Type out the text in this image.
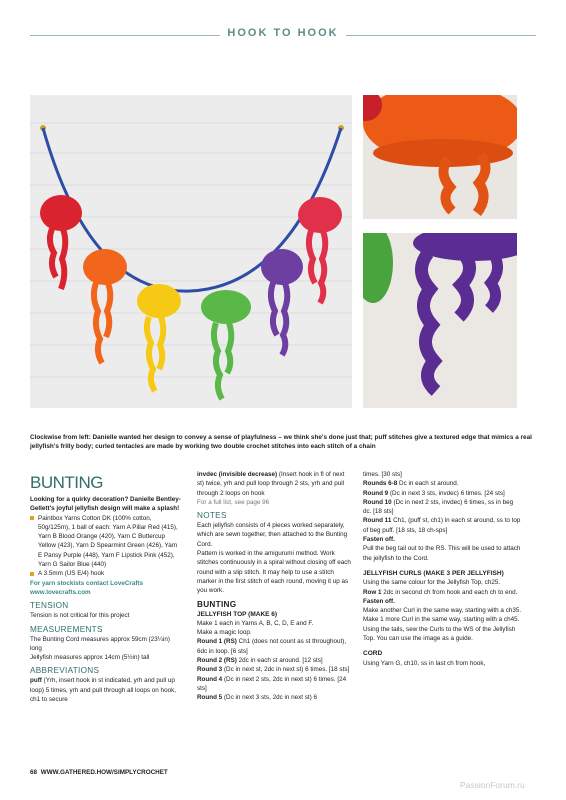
HOOK TO HOOK
Clockwise from left: Danielle wanted her design to convey a sense of playfulness – we think she's done just that; puff stitches give a textured edge that mimics a real jellyfish's frilly body; curled tentacles are made by working two double crochet stitches into each stitch of a chain
BUNTING

Looking for a quirky decoration? Danielle Bentley-Gellett's joyful jellyfish design will make a splash!

Paintbox Yarns Cotton DK (100% cotton, 50g/125m), 1 ball of each: Yarn A Pillar Red (415), Yarn B Blood Orange (420), Yarn C Buttercup Yellow (423), Yarn D Spearmint Green (426), Yarn E Pansy Purple (448), Yarn F Lipstick Pink (452), Yarn G Sailor Blue (440)
A 3.5mm (US E/4) hook

For yarn stockists contact LoveCrafts www.lovecrafts.com

TENSION

Tension is not critical for this project

MEASUREMENTS

The Bunting Cord measures approx 59cm (23¼in) long

Jellyfish measures approx 14cm (5½in) tall

ABBREVIATIONS

puff (Yrh, insert hook in st indicated, yrh and pull up loop) 5 times, yrh and pull through all loops on hook, ch1 to secure

invdec (invisible decrease) (Insert hook in fl of next st) twice, yrh and pull loop through 2 sts, yrh and pull through 2 loops on hook

For a full list, see page 96

NOTES

Each jellyfish consists of 4 pieces worked separately, which are sewn together, then attached to the Bunting Cord.

Pattern is worked in the amigurumi method. Work stitches continuously in a spiral without closing off each round with a slip stitch. It may help to use a stitch marker in the first stitch of each round, moving it up as you work.

BUNTING
JELLYFISH TOP (MAKE 6)

Make 1 each in Yarns A, B, C, D, E and F.

Make a magic loop.

Round 1 (RS) Ch1 (does not count as st throughout), 6dc in loop. [6 sts]

Round 2 (RS) 2dc in each st around. [12 sts]

Round 3 (Dc in next st, 2dc in next st) 6 times. [18 sts]

Round 4 (Dc in next 2 sts, 2dc in next st) 6 times. [24 sts]

Round 5 (Dc in next 3 sts, 2dc in next st) 6

times. [30 sts]

Rounds 6-8 Dc in each st around.

Round 9 (Dc in next 3 sts, invdec) 6 times. [24 sts]

Round 10 (Dc in next 2 sts, invdec) 6 times, ss in beg dc. [18 sts]

Round 11 Ch1, (puff st, ch1) in each st around, ss to top of beg puff. [18 sts, 18 ch-sps]

Fasten off.

Pull the beg tail out to the RS. This will be used to attach the jellyfish to the Cord.

JELLYFISH CURLS (MAKE 3 PER JELLYFISH)

Using the same colour for the Jellyfish Top, ch25.

Row 1 2dc in second ch from hook and each ch to end.

Fasten off.

Make another Curl in the same way, starting with a ch35.

Make 1 more Curl in the same way, starting with a ch45.

Using the tails, sew the Curls to the WS of the Jellyfish Top. You can use the image as a guide.

CORD

Using Yarn G, ch10, ss in last ch from hook,

68 WWW.GATHERED.HOW/SIMPLYCROCHET
PassionForum.ru
